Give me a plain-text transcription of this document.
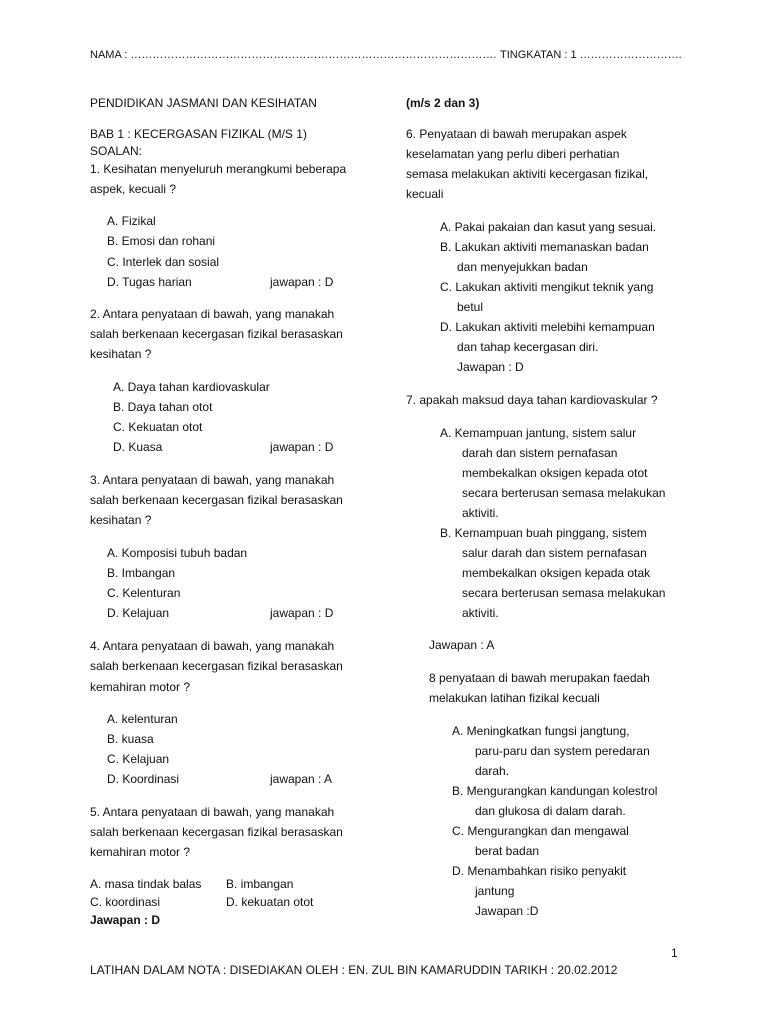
NAMA : ………………………………………………………………………………………. TINGKATAN : 1 ……………………….
PENDIDIKAN JASMANI DAN KESIHATAN
BAB 1 : KECERGASAN FIZIKAL (M/S 1)
SOALAN:
1. Kesihatan menyeluruh merangkumi beberapa
aspek, kecuali ?
A. Fizikal
B. Emosi dan rohani
C. Interlek dan sosial
D. Tugas harian	jawapan : D
2. Antara penyataan di bawah, yang manakah
salah berkenaan kecergasan fizikal berasaskan
kesihatan ?
A. Daya tahan kardiovaskular
B. Daya tahan otot
C. Kekuatan otot
D. Kuasa	jawapan : D
3. Antara penyataan di bawah, yang manakah
salah berkenaan kecergasan fizikal berasaskan
kesihatan ?
A. Komposisi tubuh badan
B. Imbangan
C. Kelenturan
D. Kelajuan	jawapan : D
4. Antara penyataan di bawah, yang manakah
salah berkenaan kecergasan fizikal berasaskan
kemahiran motor ?
A. kelenturan
B. kuasa
C. Kelajuan
D. Koordinasi	jawapan : A
5. Antara penyataan di bawah, yang manakah
salah berkenaan kecergasan fizikal berasaskan
kemahiran motor ?
A. masa tindak balas B. imbangan
C. koordinasi	D. kekuatan otot
Jawapan : D
(m/s 2 dan 3)
6. Penyataan di bawah merupakan aspek
keselamatan yang perlu diberi perhatian
semasa melakukan aktiviti kecergasan fizikal,
kecuali
A. Pakai pakaian dan kasut yang sesuai.
B. Lakukan aktiviti memanaskan badan
dan menyejukkan badan
C. Lakukan aktiviti mengikut teknik yang
betul
D. Lakukan aktiviti melebihi kemampuan
dan tahap kecergasan diri.
Jawapan : D
7. apakah maksud daya tahan kardiovaskular ?
A. Kemampuan jantung, sistem salur
darah dan sistem pernafasan
membekalkan oksigen kepada otot
secara berterusan semasa melakukan
aktiviti.
B. Kemampuan buah pinggang, sistem
salur darah dan sistem pernafasan
membekalkan oksigen kepada otak
secara berterusan semasa melakukan
aktiviti.
Jawapan : A
8 penyataan di bawah merupakan faedah
melakukan latihan fizikal kecuali
A. Meningkatkan fungsi jangtung,
paru-paru dan system peredaran
darah.
B. Mengurangkan kandungan kolestrol
dan glukosa di dalam darah.
C. Mengurangkan dan mengawal
berat badan
D. Menambahkan risiko penyakit
jantung
Jawapan :D
1
LATIHAN DALAM NOTA : DISEDIAKAN OLEH : EN. ZUL BIN KAMARUDDIN TARIKH : 20.02.2012
